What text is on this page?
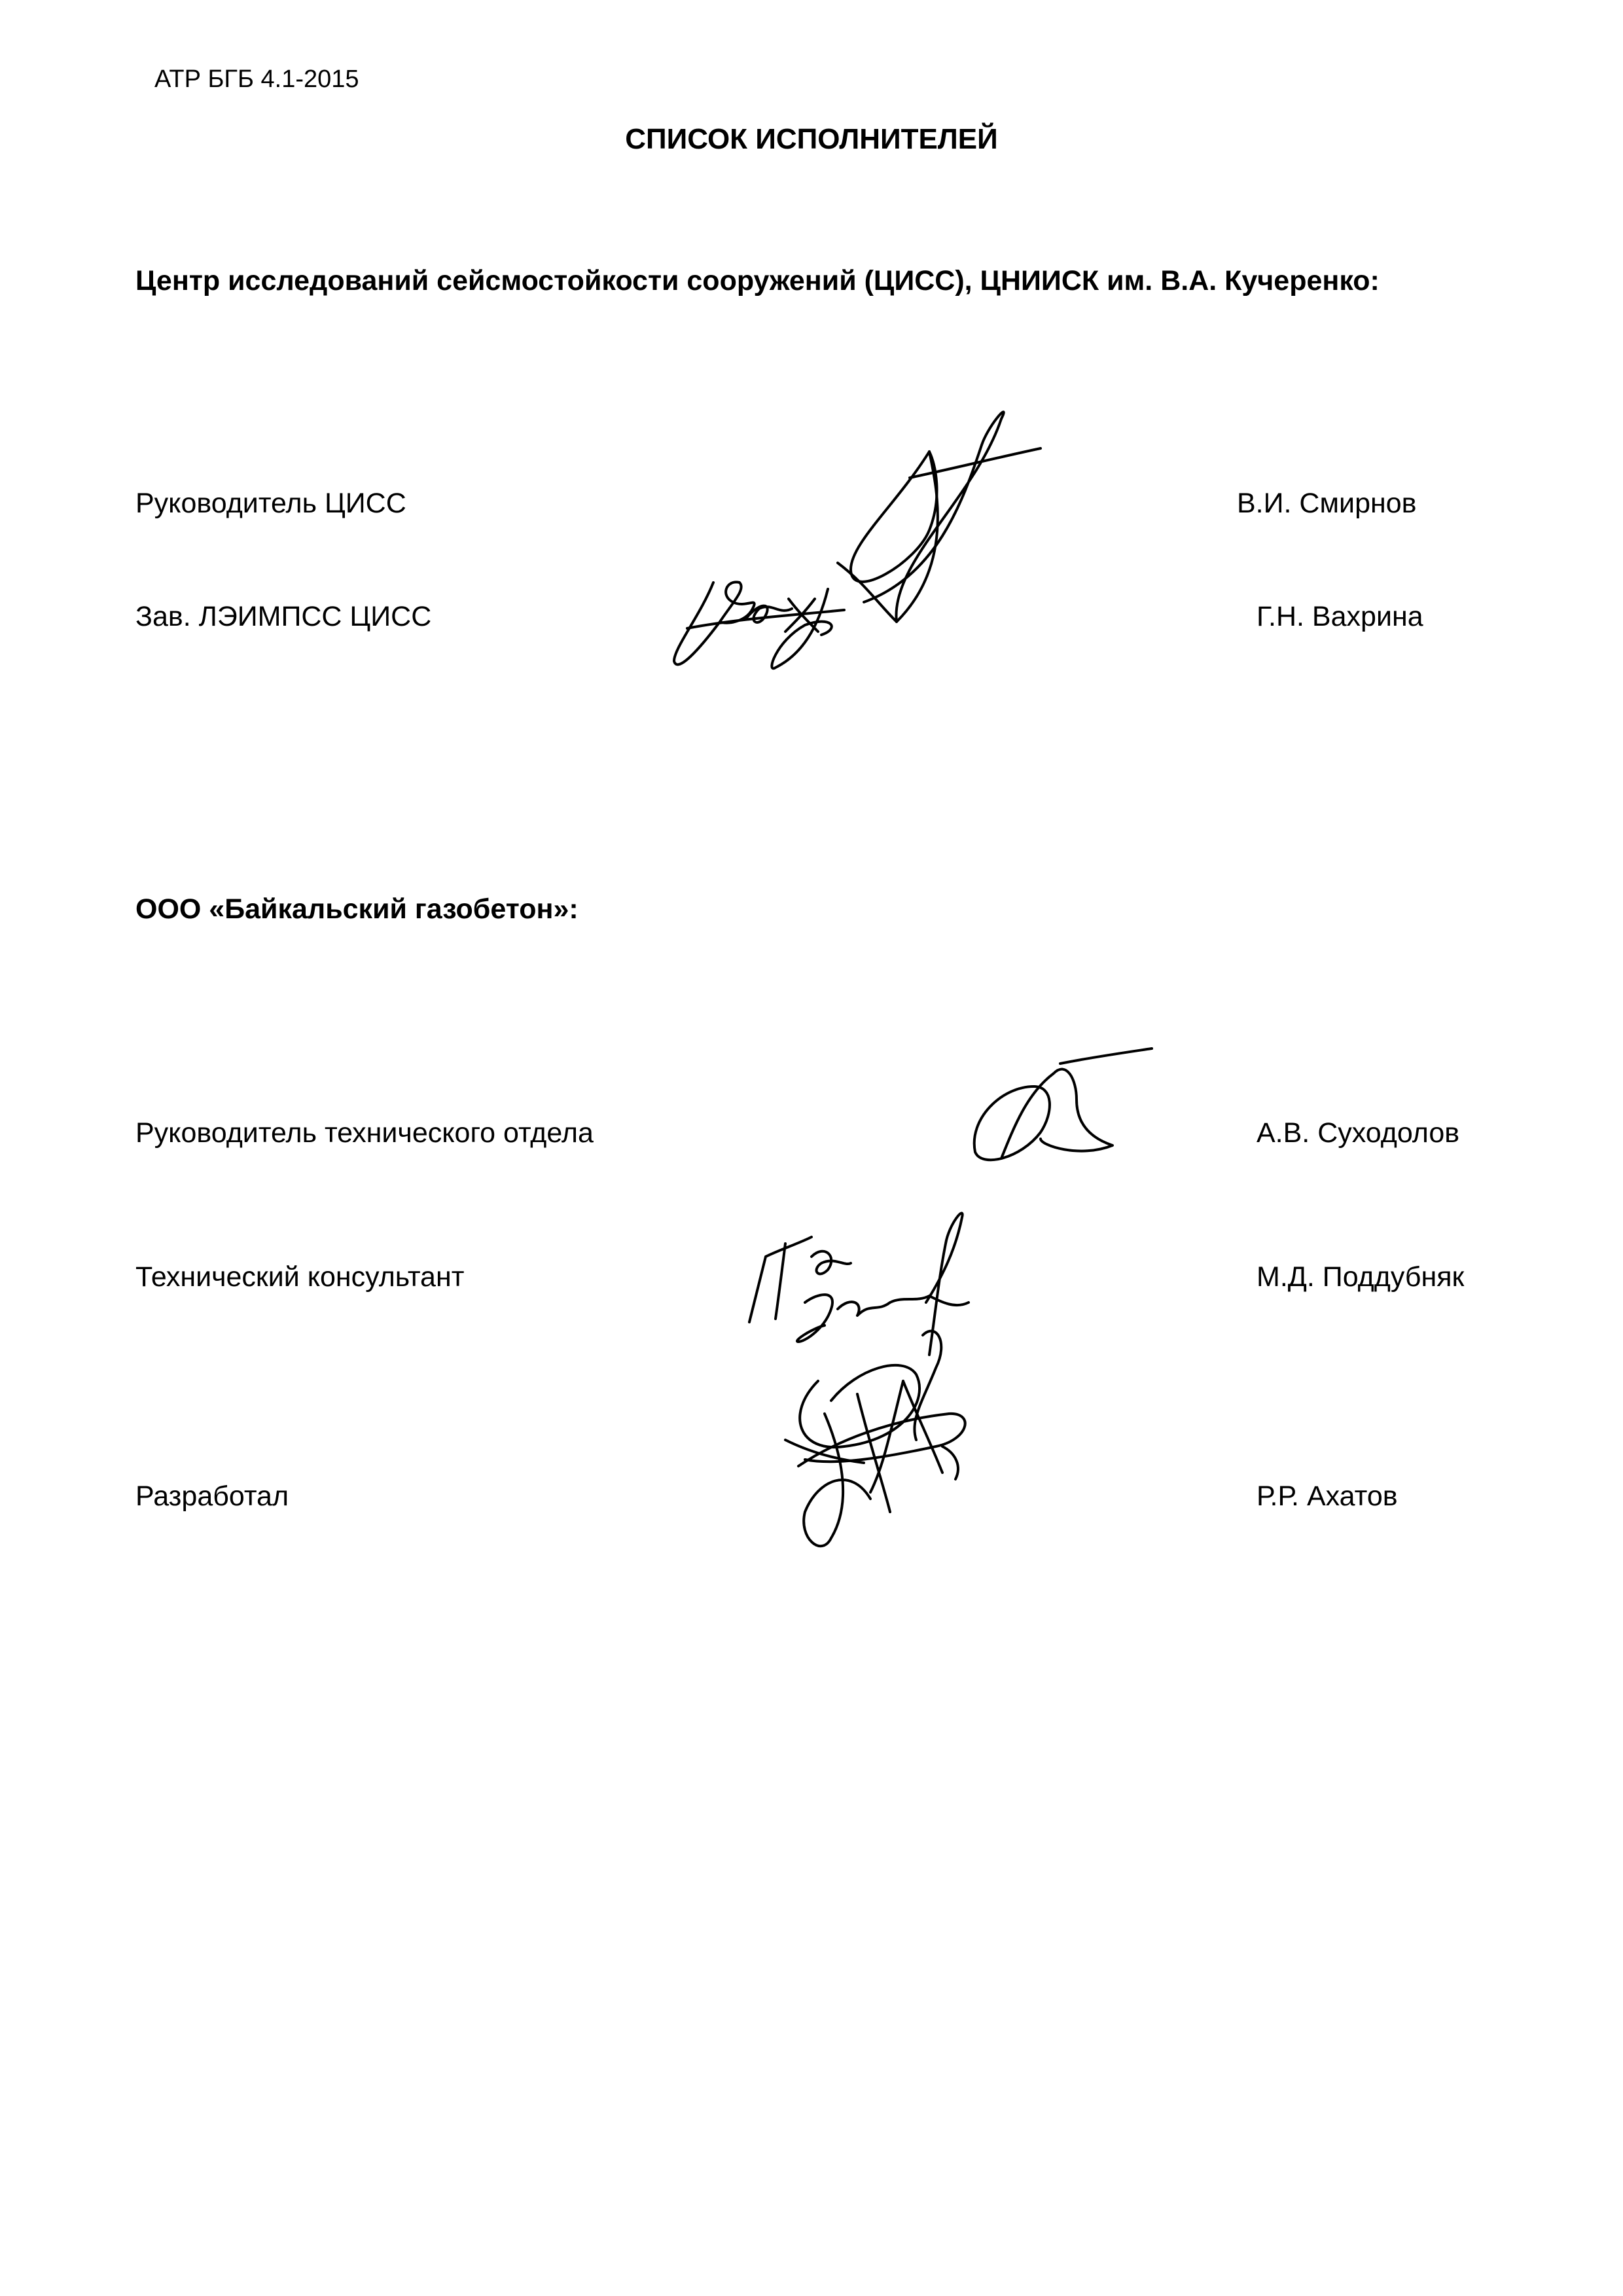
АТР БГБ 4.1-2015
СПИСОК ИСПОЛНИТЕЛЕЙ
Центр исследований сейсмостойкости сооружений (ЦИСС), ЦНИИСК им. В.А. Кучеренко:
Руководитель ЦИСС	В.И. Смирнов
Зав. ЛЭИМПСС ЦИСС	Г.Н. Вахрина
ООО «Байкальский газобетон»:
Руководитель технического отдела	А.В. Суходолов
Технический консультант	М.Д. Поддубняк
Разработал	Р.Р. Ахатов
